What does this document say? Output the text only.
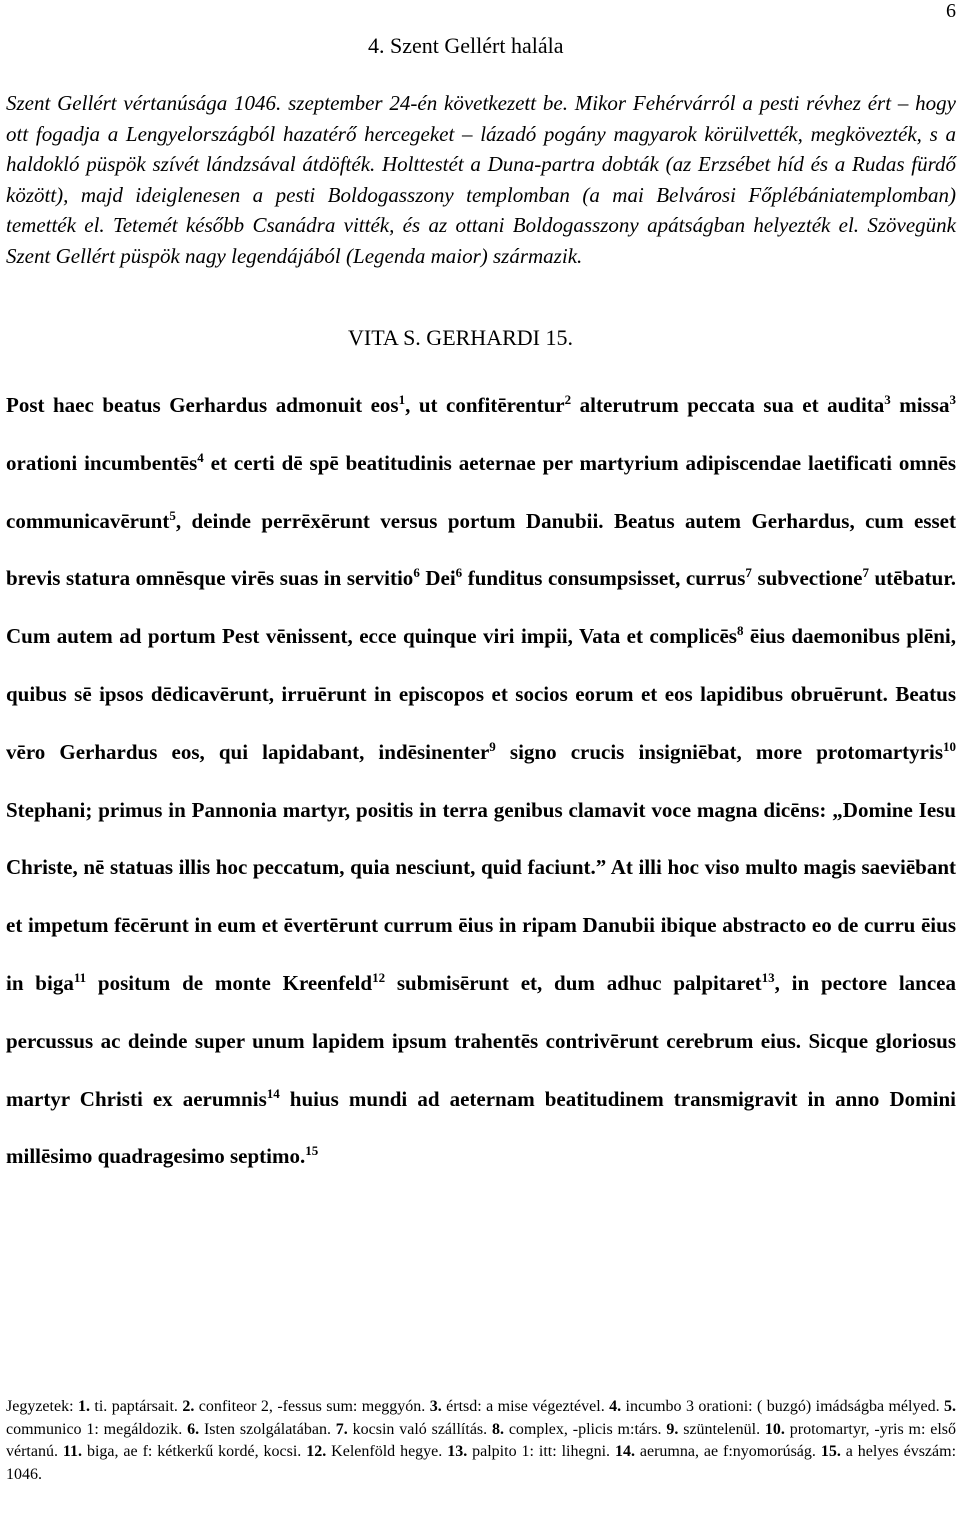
6
4. Szent Gellért halála

Szent Gellért vértanúsága 1046. szeptember 24-én következett be. Mikor Fehérvárról a pesti révhez ért – hogy ott fogadja a Lengyelországból hazatérő hercegeket – lázadó pogány magyarok körülvették, megkövezték, s a haldokló püspök szívét lándzsával átdöfték. Holttestét a Duna-partra dobták (az Erzsébet híd és a Rudas fürdő között), majd ideiglenesen a pesti Boldogasszony templomban (a mai Belvárosi Főplébániatemplomban) temették el. Tetemét később Csanádra vitték, és az ottani Boldogasszony apátságban helyezték el. Szövegünk Szent Gellért püspök nagy legendájából (Legenda maior) származik.

VITA S. GERHARDI 15.

Post haec beatus Gerhardus admonuit eos$^1$, ut confitērentur$^2$ alterutrum peccata sua et audita$^3$ missa$^3$ orationi incumbentēs$^4$ et certi dē spē beatitudinis aeternae per martyrium adipiscendae laetificati omnēs communicavērunt$^5$, deinde perrēxērunt versus portum Danubii. Beatus autem Gerhardus, cum esset brevis statura omnēsque virēs suas in servitio$^6$ Dei$^6$ funditus consumpsisset, currus$^7$ subvectione$^7$ utēbatur. Cum autem ad portum Pest vēnissent, ecce quinque viri impii, Vata et complicēs$^8$ ēius daemonibus plēni, quibus sē ipsos dēdicavērunt, irruērunt in episcopos et socios eorum et eos lapidibus obruērunt. Beatus vēro Gerhardus eos, qui lapidabant, indēsinenter$^9$ signo crucis insigniēbat, more protomartyris$^{10}$ Stephani; primus in Pannonia martyr, positis in terra genibus clamavit voce magna dicēns: „Domine Iesu Christe, nē statuas illis hoc peccatum, quia nesciunt, quid faciunt.” At illi hoc viso multo magis saeviēbant et impetum fēcērunt in eum et ēvertērunt currum ēius in ripam Danubii ibique abstracto eo de curru ēius in biga$^{11}$ positum de monte Kreenfeld$^{12}$ submisērunt et, dum adhuc palpitaret$^{13}$, in pectore lancea percussus ac deinde super unum lapidem ipsum trahentēs contrivērunt cerebrum eius. Sicque gloriosus martyr Christi ex aerumnis$^{14}$ huius mundi ad aeternam beatitudinem transmigravit in anno Domini millēsimo quadragesimo septimo.$^{15}$

Jegyzetek: 1. ti. paptársait. 2. confiteor 2, -fessus sum: meggyón. 3. értsd: a mise végeztével. 4. incumbo 3 orationi: ( buzgó) imádságba mélyed. 5. communico 1: megáldozik. 6. Isten szolgálatában. 7. kocsin való szállítás. 8. complex, -plicis m:társ. 9. szüntelenül. 10. protomartyr, -yris m: első vértanú. 11. biga, ae f: kétkerkű kordé, kocsi. 12. Kelenföld hegye. 13. palpito 1: itt: lihegni. 14. aerumna, ae f:nyomorúság. 15. a helyes évszám: 1046.
